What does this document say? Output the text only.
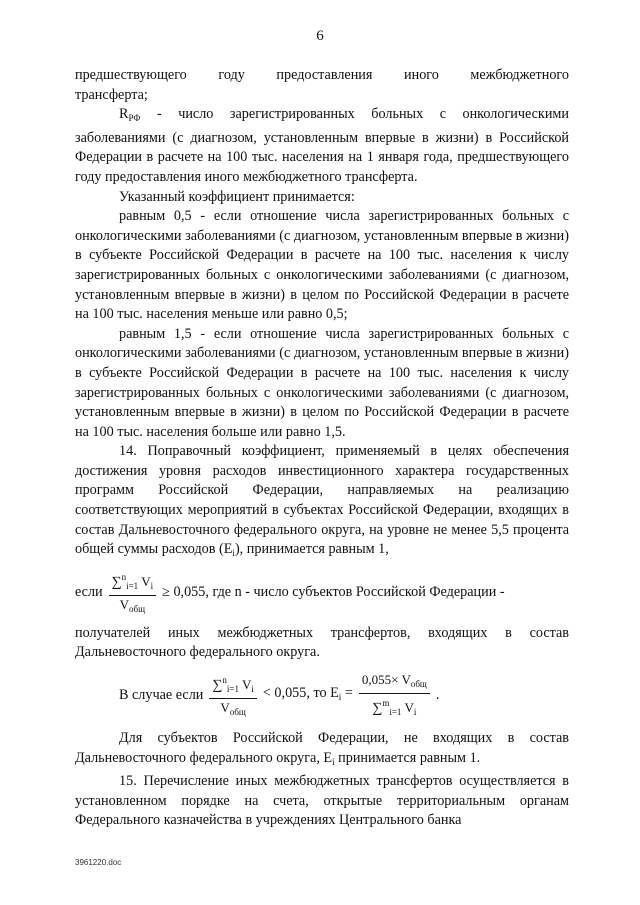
6

предшествующего году предоставления иного межбюджетного

трансферта;

$R_{РФ}$ - число зарегистрированных больных с онкологическими заболеваниями (с диагнозом, установленным впервые в жизни) в Российской Федерации в расчете на 100 тыс. населения на 1 января года, предшествующего году предоставления иного межбюджетного трансферта.

Указанный коэффициент принимается:

равным 0,5 - если отношение числа зарегистрированных больных с онкологическими заболеваниями (с диагнозом, установленным впервые в жизни) в субъекте Российской Федерации в расчете на 100 тыс. населения к числу зарегистрированных больных с онкологическими заболеваниями (с диагнозом, установленным впервые в жизни) в целом по Российской Федерации в расчете на 100 тыс. населения меньше или равно 0,5;

равным 1,5 - если отношение числа зарегистрированных больных с онкологическими заболеваниями (с диагнозом, установленным впервые в жизни) в субъекте Российской Федерации в расчете на 100 тыс. населения к числу зарегистрированных больных с онкологическими заболеваниями (с диагнозом, установленным впервые в жизни) в целом по Российской Федерации в расчете на 100 тыс. населения больше или равно 1,5.

14. Поправочный коэффициент, применяемый в целях обеспечения достижения уровня расходов инвестиционного характера государственных программ Российской Федерации, направляемых на реализацию соответствующих мероприятий в субъектах Российской Федерации, входящих в состав Дальневосточного федерального округа, на уровне не менее 5,5 процента общей суммы расходов $(E_i)$, принимается равным 1,

если $\frac{\sum^n_{i=1} V_i}{V_{общ}} \ge 0,055$, где n - число субъектов Российской Федерации -

получателей иных межбюджетных трансфертов, входящих в состав Дальневосточного федерального округа.

В случае если $\frac{\sum^n_{i=1} V_i}{V_{общ}} < 0,055$, то $E_i = \frac{0,055\times V_{общ}}{\sum^m_{i=1} V_i}$ .

Для субъектов Российской Федерации, не входящих в состав Дальневосточного федерального округа, $E_i$ принимается равным 1.

15. Перечисление иных межбюджетных трансфертов осуществляется в установленном порядке на счета, открытые территориальным органам Федерального казначейства в учреждениях Центрального банка

3961220.doc
